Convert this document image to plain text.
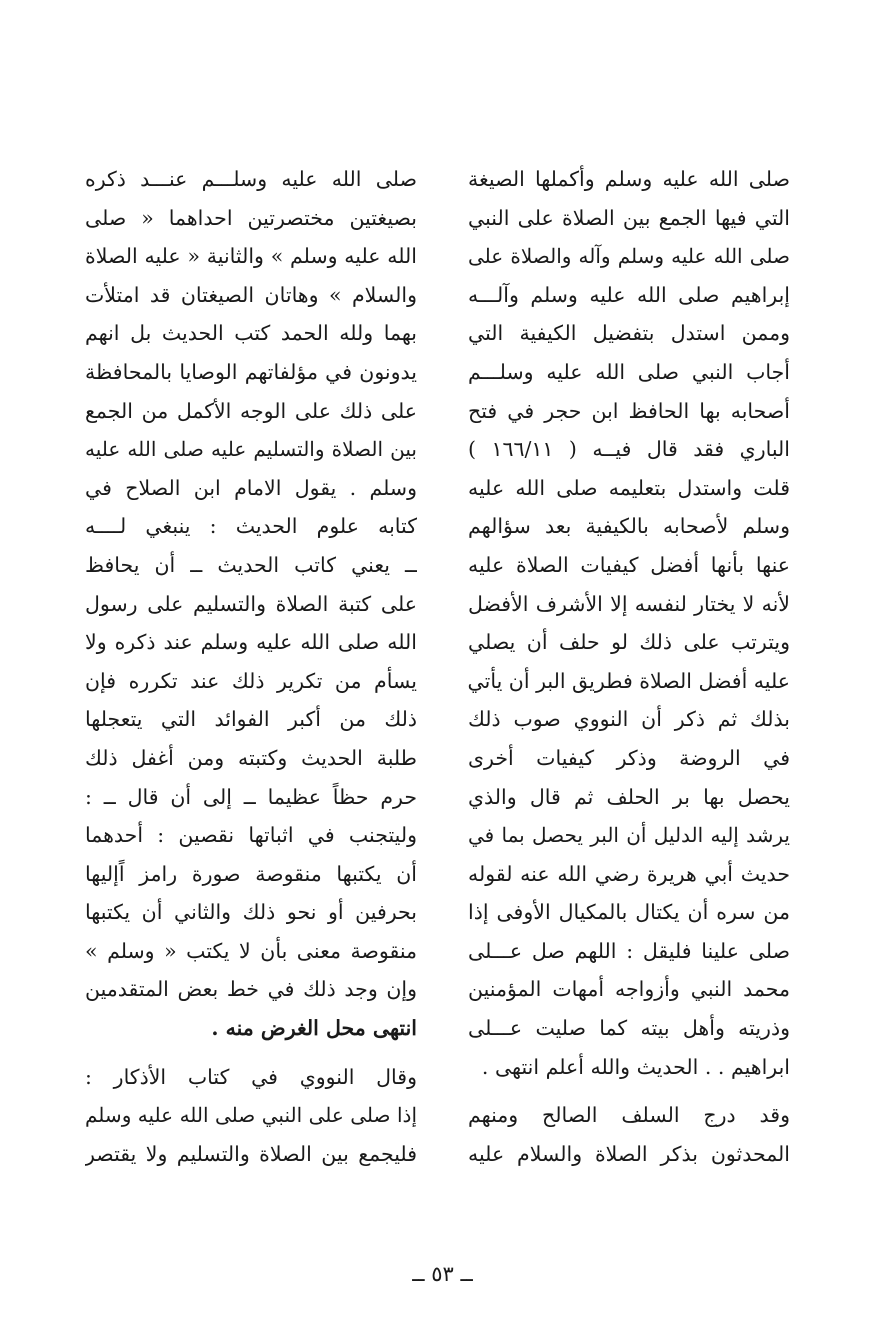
صلى الله عليه وسلم وأكملها الصيغة
التي فيها الجمع بين الصلاة على النبي
صلى الله عليه وسلم وآله والصلاة على
إبراهيم صلى الله عليه وسلم وآلـــه
وممن استدل بتفضيل الكيفية التي
أجاب النبي صلى الله عليه وسلـــم
أصحابه بها الحافظ ابن حجر في فتح
الباري فقد قال فيــه ( ١٦٦/١١ )
قلت واستدل بتعليمه صلى الله عليه
وسلم لأصحابه بالكيفية بعد سؤالهم
عنها بأنها أفضل كيفيات الصلاة عليه
لأنه لا يختار لنفسه إلا الأشرف الأفضل
ويترتب على ذلك لو حلف أن يصلي
عليه أفضل الصلاة فطريق البر أن يأتي
بذلك ثم ذكر أن النووي صوب ذلك
في الروضة وذكر كيفيات أخرى
يحصل بها بر الحلف ثم قال والذي
يرشد إليه الدليل أن البر يحصل بما في
حديث أبي هريرة رضي الله عنه لقوله
من سره أن يكتال بالمكيال الأوفى إذا
صلى علينا فليقل : اللهم صل عـــلى
محمد النبي وأزواجه أمهات المؤمنين
وذريته وأهل بيته كما صليت عـــلى
ابراهيم . . الحديث والله أعلم انتهى .
وقد درج السلف الصالح ومنهم
المحدثون بذكر الصلاة والسلام عليه
صلى الله عليه وسلـــم عنـــد ذكره
بصيغتين مختصرتين احداهما « صلى
الله عليه وسلم » والثانية « عليه الصلاة
والسلام » وهاتان الصيغتان قد امتلأت
بهما ولله الحمد كتب الحديث بل انهم
يدونون في مؤلفاتهم الوصايا بالمحافظة
على ذلك على الوجه الأكمل من الجمع
بين الصلاة والتسليم عليه صلى الله عليه
وسلم . يقول الامام ابن الصلاح في
كتابه علوم الحديث : ينبغي لــــه
ــ يعني كاتب الحديث ــ أن يحافظ
على كتبة الصلاة والتسليم على رسول
الله صلى الله عليه وسلم عند ذكره ولا
يسأم من تكرير ذلك عند تكرره فإن
ذلك من أكبر الفوائد التي يتعجلها
طلبة الحديث وكتبته ومن أغفل ذلك
حرم حظاً عظيما ــ إلى أن قال ــ :
وليتجنب في اثباتها نقصين : أحدهما
أن يكتبها منقوصة صورة رامز اًإليها
بحرفين أو نحو ذلك والثاني أن يكتبها
منقوصة معنى بأن لا يكتب « وسلم »
وإن وجد ذلك في خط بعض المتقدمين
انتهى محل الغرض منه .
وقال النووي في كتاب الأذكار :
إذا صلى على النبي صلى الله عليه وسلم
فليجمع بين الصلاة والتسليم ولا يقتصر
ــ ٥٣ ــ
